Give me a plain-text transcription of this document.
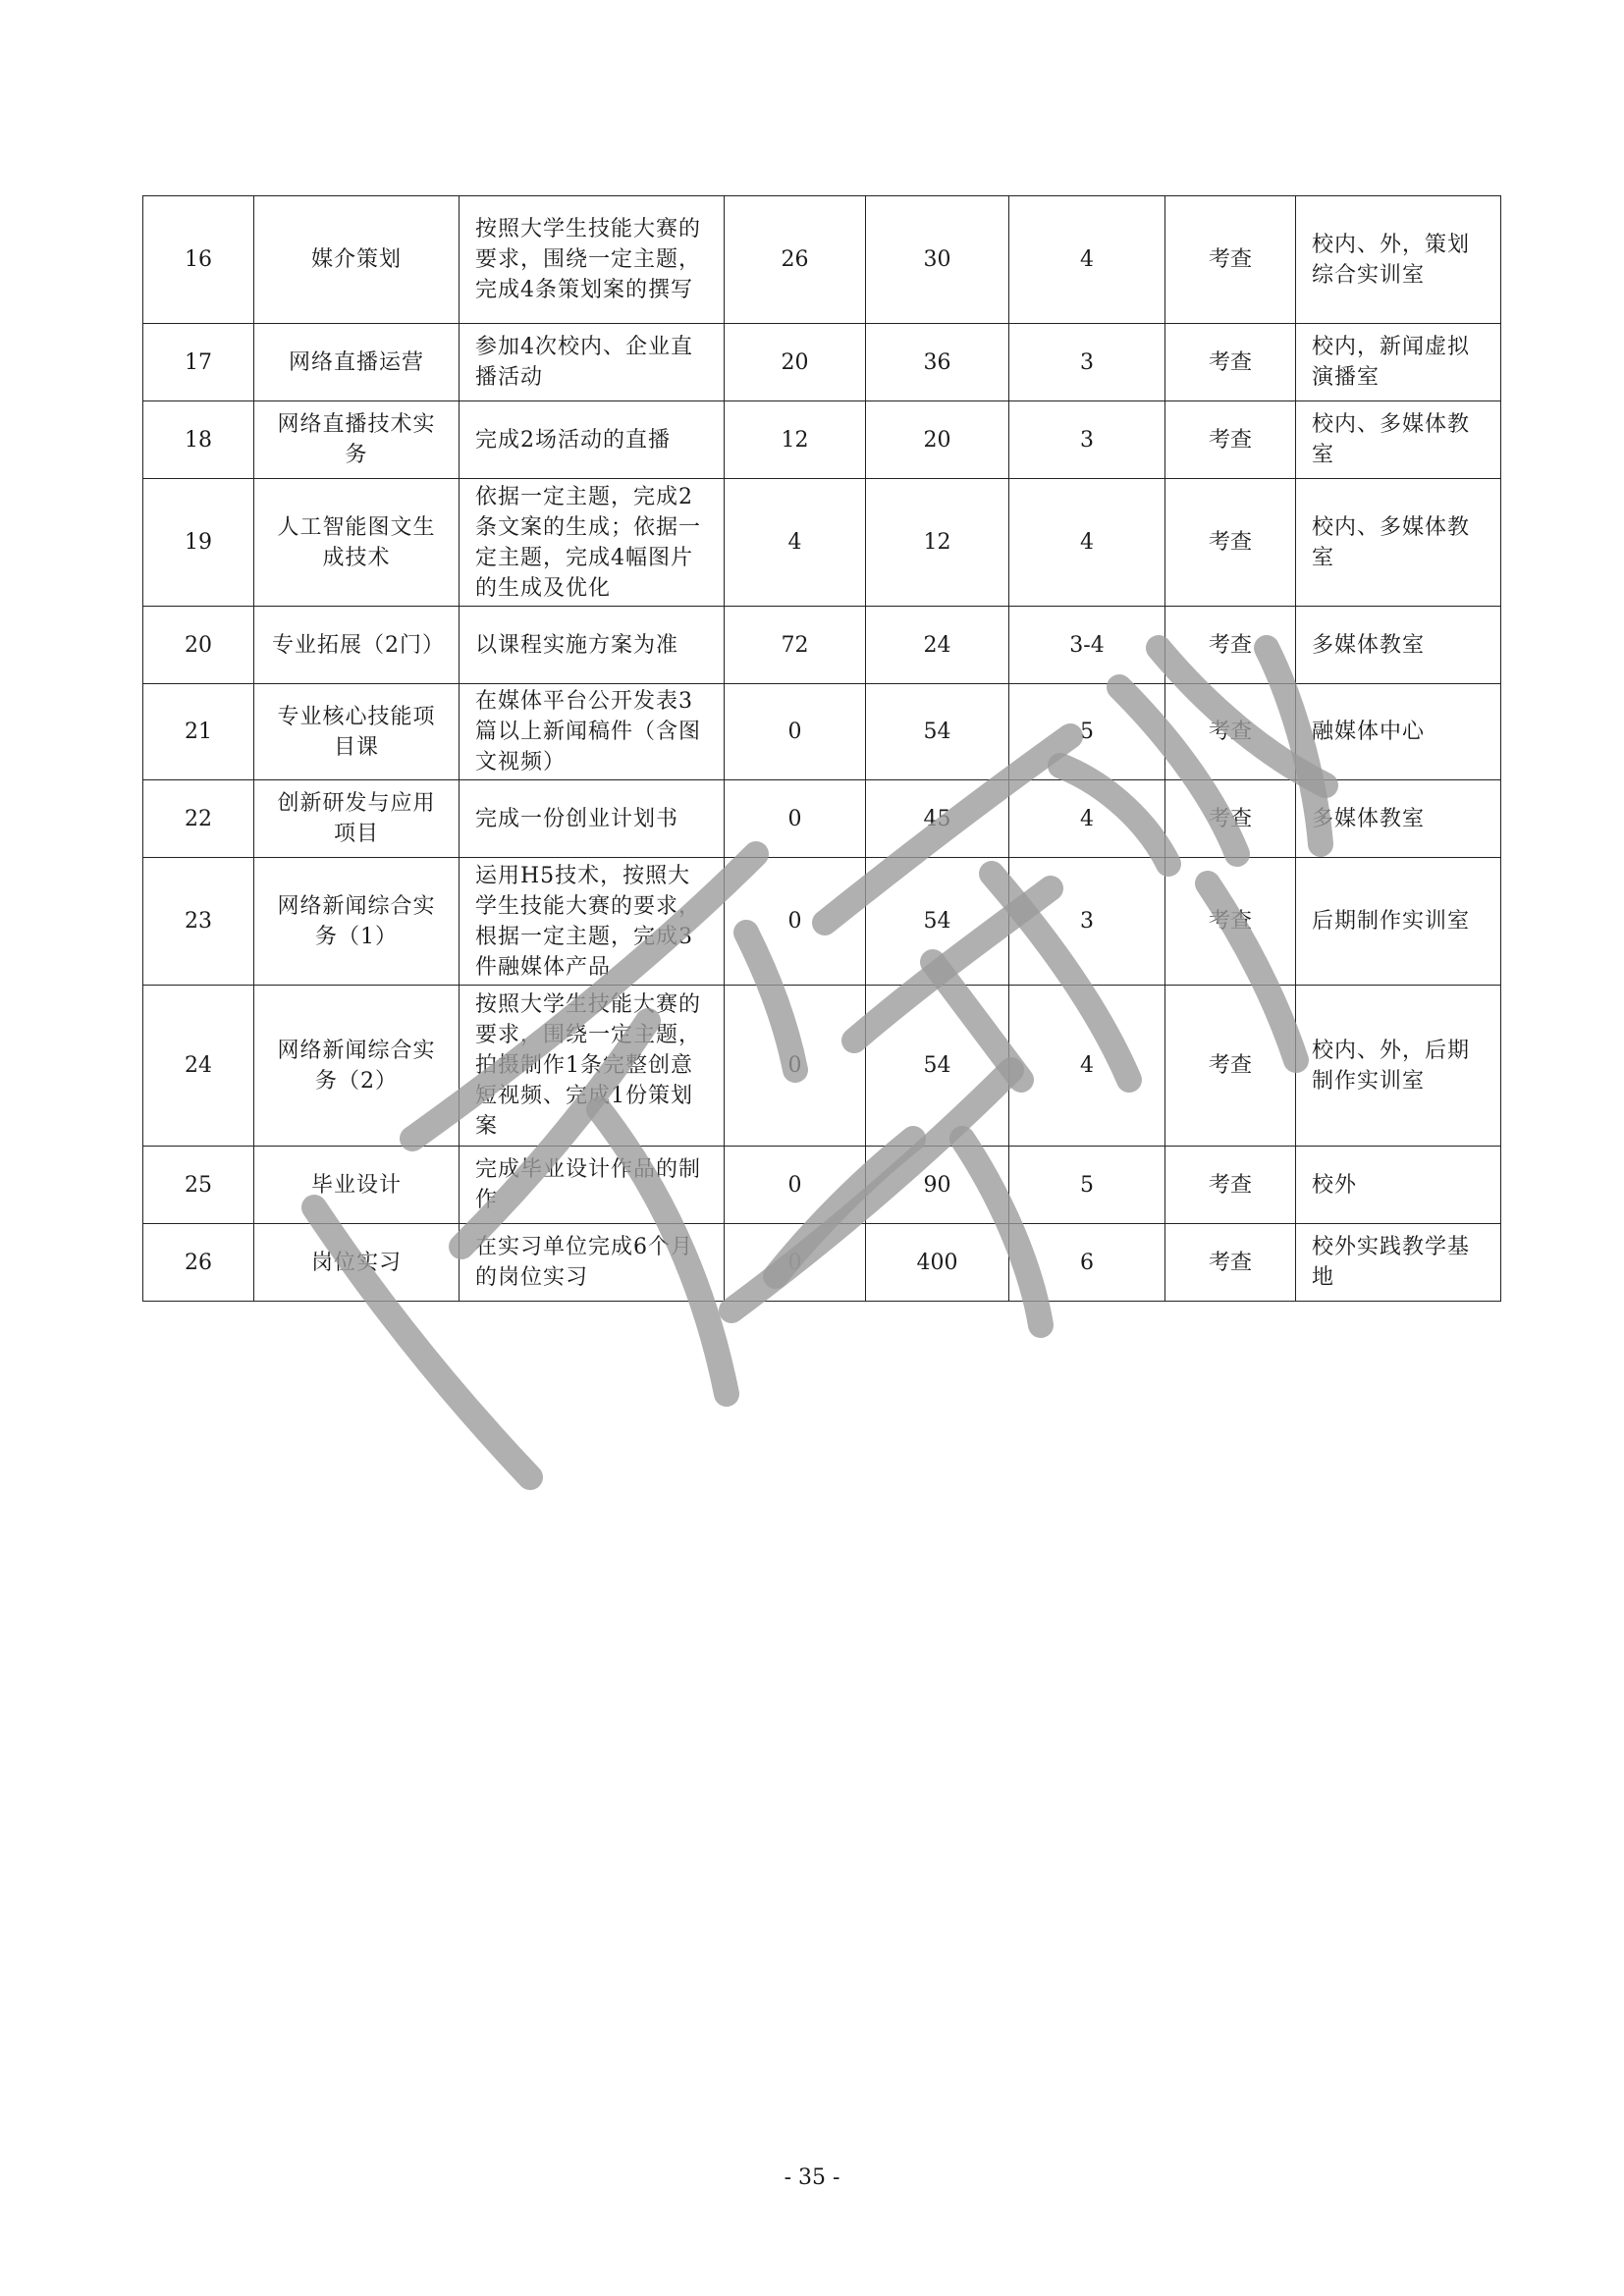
16	媒介策划	按照大学生技能大赛的要求，围绕一定主题，完成4条策划案的撰写	26	30	4	考查	校内、外，策划综合实训室
17	网络直播运营	参加4次校内、企业直播活动	20	36	3	考查	校内，新闻虚拟演播室
18	网络直播技术实务	完成2场活动的直播	12	20	3	考查	校内、多媒体教室
19	人工智能图文生成技术	依据一定主题，完成2条文案的生成；依据一定主题，完成4幅图片的生成及优化	4	12	4	考查	校内、多媒体教室
20	专业拓展（2门）	以课程实施方案为准	72	24	3-4	考查	多媒体教室
21	专业核心技能项目课	在媒体平台公开发表3篇以上新闻稿件（含图文视频）	0	54	5	考查	融媒体中心
22	创新研发与应用项目	完成一份创业计划书	0	45	4	考查	多媒体教室
23	网络新闻综合实务（1）	运用H5技术，按照大学生技能大赛的要求，根据一定主题，完成3件融媒体产品	0	54	3	考查	后期制作实训室
24	网络新闻综合实务（2）	按照大学生技能大赛的要求，围绕一定主题，拍摄制作1条完整创意短视频、完成1份策划案	0	54	4	考查	校内、外，后期制作实训室
25	毕业设计	完成毕业设计作品的制作	0	90	5	考查	校外
26	岗位实习	在实习单位完成6个月的岗位实习	0	400	6	考查	校外实践教学基地
- 35 -
